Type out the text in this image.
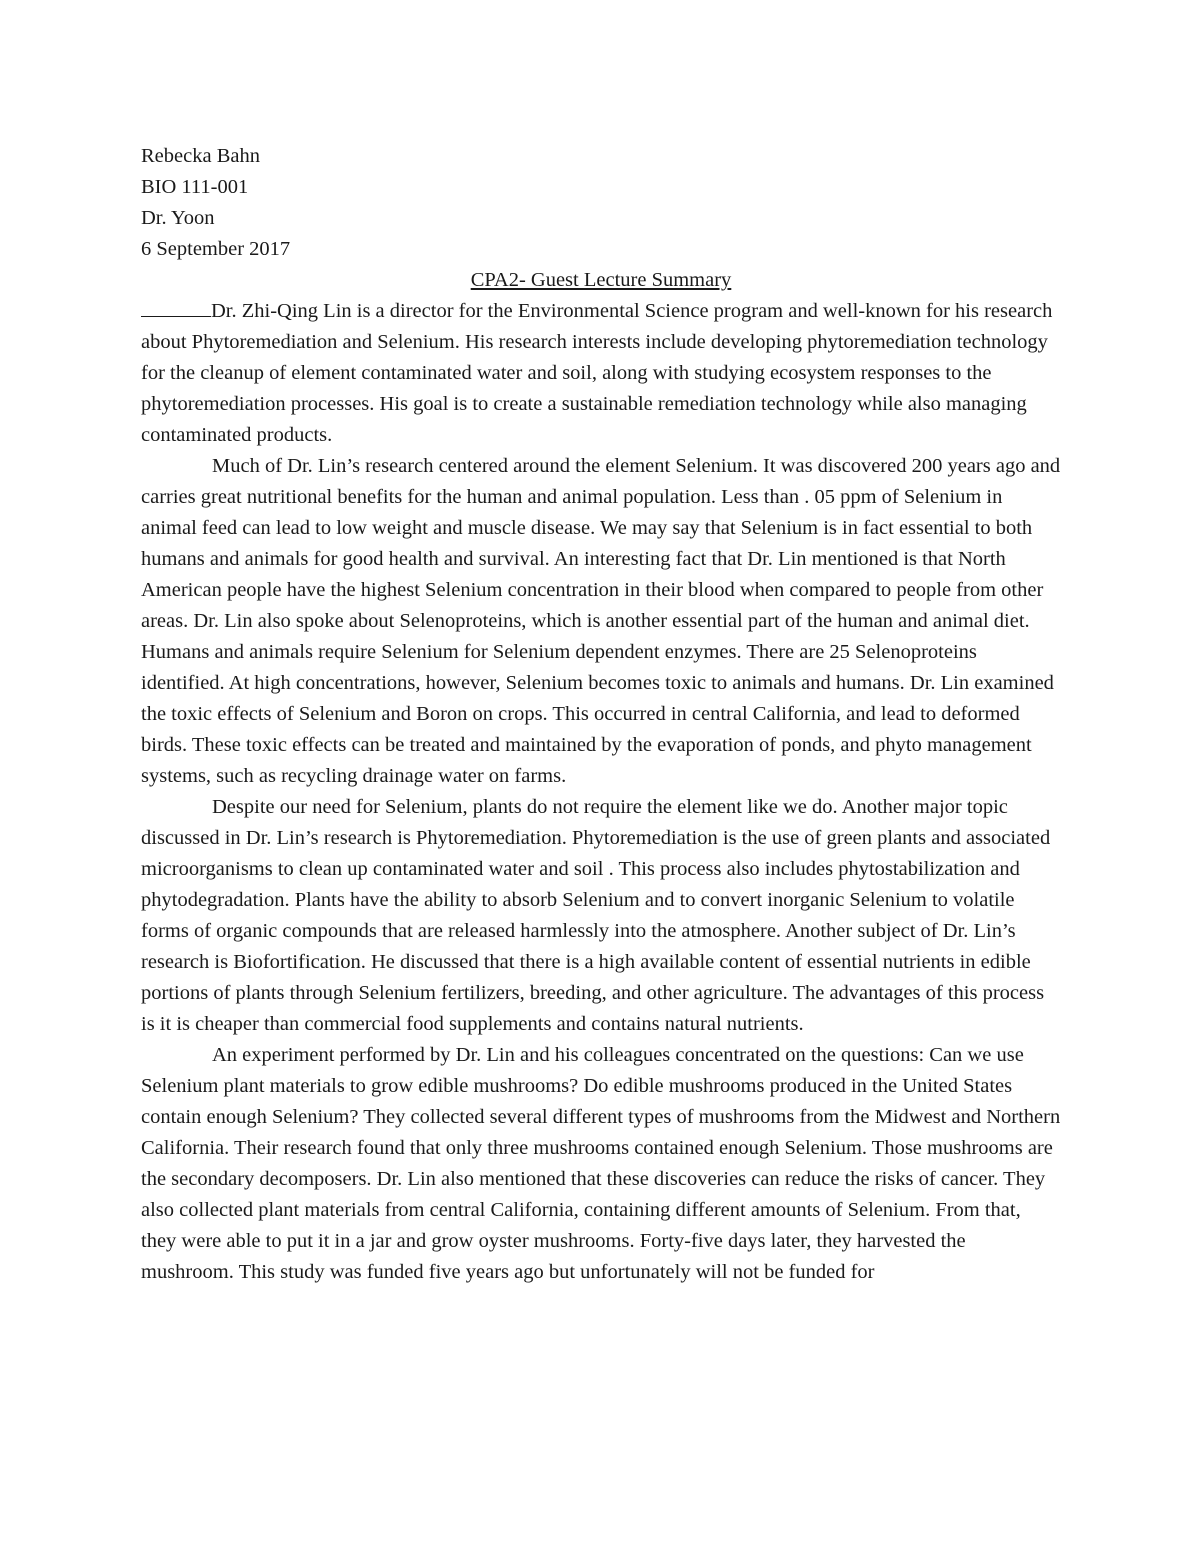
Rebecka Bahn

BIO 111-001

Dr. Yoon

6 September 2017

CPA2- Guest Lecture Summary

Dr. Zhi-Qing Lin is a director for the Environmental Science program and well-known for his research about Phytoremediation and Selenium. His research interests include developing phytoremediation technology for the cleanup of element contaminated water and soil, along with studying ecosystem responses to the phytoremediation processes. His goal is to create a sustainable remediation technology while also managing contaminated products.

Much of Dr. Lin’s research centered around the element Selenium. It was discovered 200 years ago and carries great nutritional benefits for the human and animal population. Less than . 05 ppm of Selenium in animal feed can lead to low weight and muscle disease. We may say that Selenium is in fact essential to both humans and animals for good health and survival. An interesting fact that Dr. Lin mentioned is that North American people have the highest Selenium concentration in their blood when compared to people from other areas. Dr. Lin also spoke about Selenoproteins, which is another essential part of the human and animal diet. Humans and animals require Selenium for Selenium dependent enzymes. There are 25 Selenoproteins identified. At high concentrations, however, Selenium becomes toxic to animals and humans. Dr. Lin examined the toxic effects of Selenium and Boron on crops. This occurred in central California, and lead to deformed birds. These toxic effects can be treated and maintained by the evaporation of ponds, and phyto management systems, such as recycling drainage water on farms.

Despite our need for Selenium, plants do not require the element like we do. Another major topic discussed in Dr. Lin’s research is Phytoremediation. Phytoremediation is the use of green plants and associated microorganisms to clean up contaminated water and soil . This process also includes phytostabilization and phytodegradation. Plants have the ability to absorb Selenium and to convert inorganic Selenium to volatile forms of organic compounds that are released harmlessly into the atmosphere. Another subject of Dr. Lin’s research is Biofortification. He discussed that there is a high available content of essential nutrients in edible portions of plants through Selenium fertilizers, breeding, and other agriculture. The advantages of this process is it is cheaper than commercial food supplements and contains natural nutrients.

An experiment performed by Dr. Lin and his colleagues concentrated on the questions: Can we use Selenium plant materials to grow edible mushrooms? Do edible mushrooms produced in the United States contain enough Selenium? They collected several different types of mushrooms from the Midwest and Northern California. Their research found that only three mushrooms contained enough Selenium. Those mushrooms are the secondary decomposers. Dr. Lin also mentioned that these discoveries can reduce the risks of cancer. They also collected plant materials from central California, containing different amounts of Selenium. From that, they were able to put it in a jar and grow oyster mushrooms. Forty-five days later, they harvested the mushroom. This study was funded five years ago but unfortunately will not be funded for
